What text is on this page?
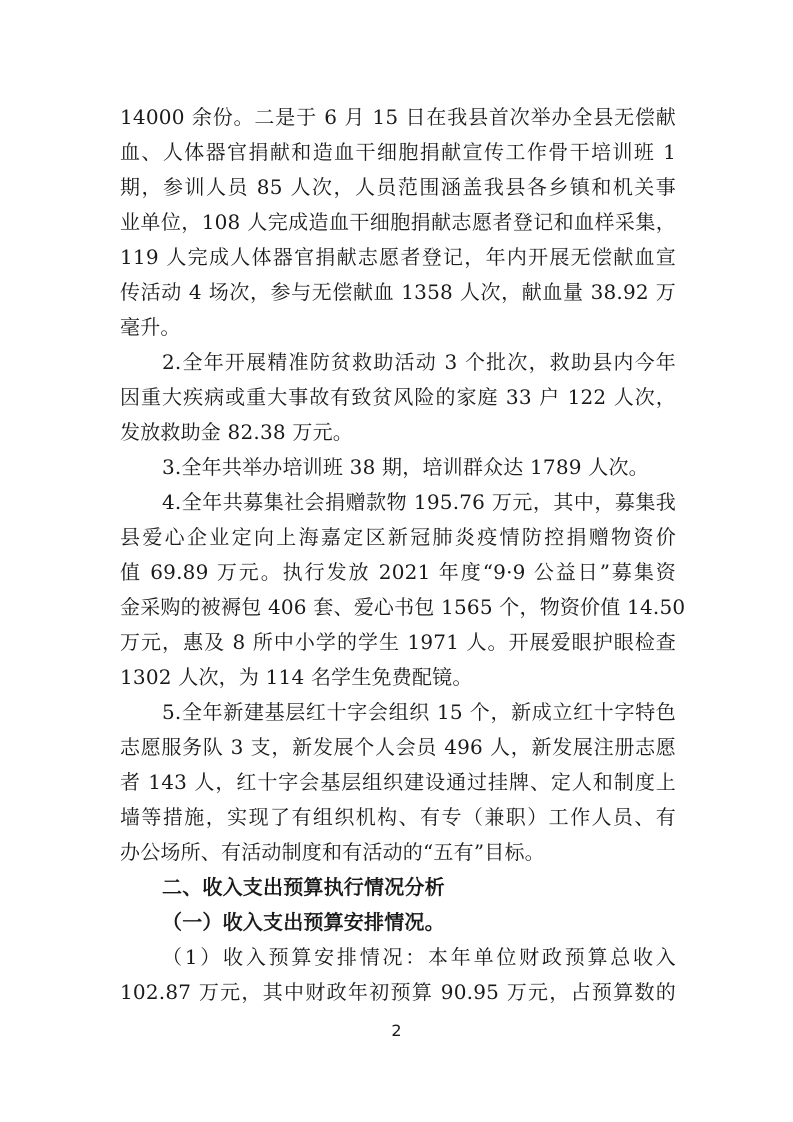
14000 余份。二是于 6 月 15 日在我县首次举办全县无偿献
血、人体器官捐献和造血干细胞捐献宣传工作骨干培训班 1
期，参训人员 85 人次，人员范围涵盖我县各乡镇和机关事
业单位，108 人完成造血干细胞捐献志愿者登记和血样采集，
119 人完成人体器官捐献志愿者登记，年内开展无偿献血宣
传活动 4 场次，参与无偿献血 1358 人次，献血量 38.92 万
毫升。
2.全年开展精准防贫救助活动 3 个批次，救助县内今年
因重大疾病或重大事故有致贫风险的家庭 33 户 122 人次，
发放救助金 82.38 万元。
3.全年共举办培训班 38 期，培训群众达 1789 人次。
4.全年共募集社会捐赠款物 195.76 万元，其中，募集我
县爱心企业定向上海嘉定区新冠肺炎疫情防控捐赠物资价
值 69.89 万元。执行发放 2021 年度“9·9 公益日”募集资
金采购的被褥包 406 套、爱心书包 1565 个，物资价值 14.50
万元，惠及 8 所中小学的学生 1971 人。开展爱眼护眼检查
1302 人次，为 114 名学生免费配镜。
5.全年新建基层红十字会组织 15 个，新成立红十字特色
志愿服务队 3 支，新发展个人会员 496 人，新发展注册志愿
者 143 人，红十字会基层组织建设通过挂牌、定人和制度上
墙等措施，实现了有组织机构、有专（兼职）工作人员、有
办公场所、有活动制度和有活动的“五有”目标。
二、收入支出预算执行情况分析
（一）收入支出预算安排情况。
（1）收入预算安排情况：本年单位财政预算总收入
102.87 万元，其中财政年初预算 90.95 万元，占预算数的
2
